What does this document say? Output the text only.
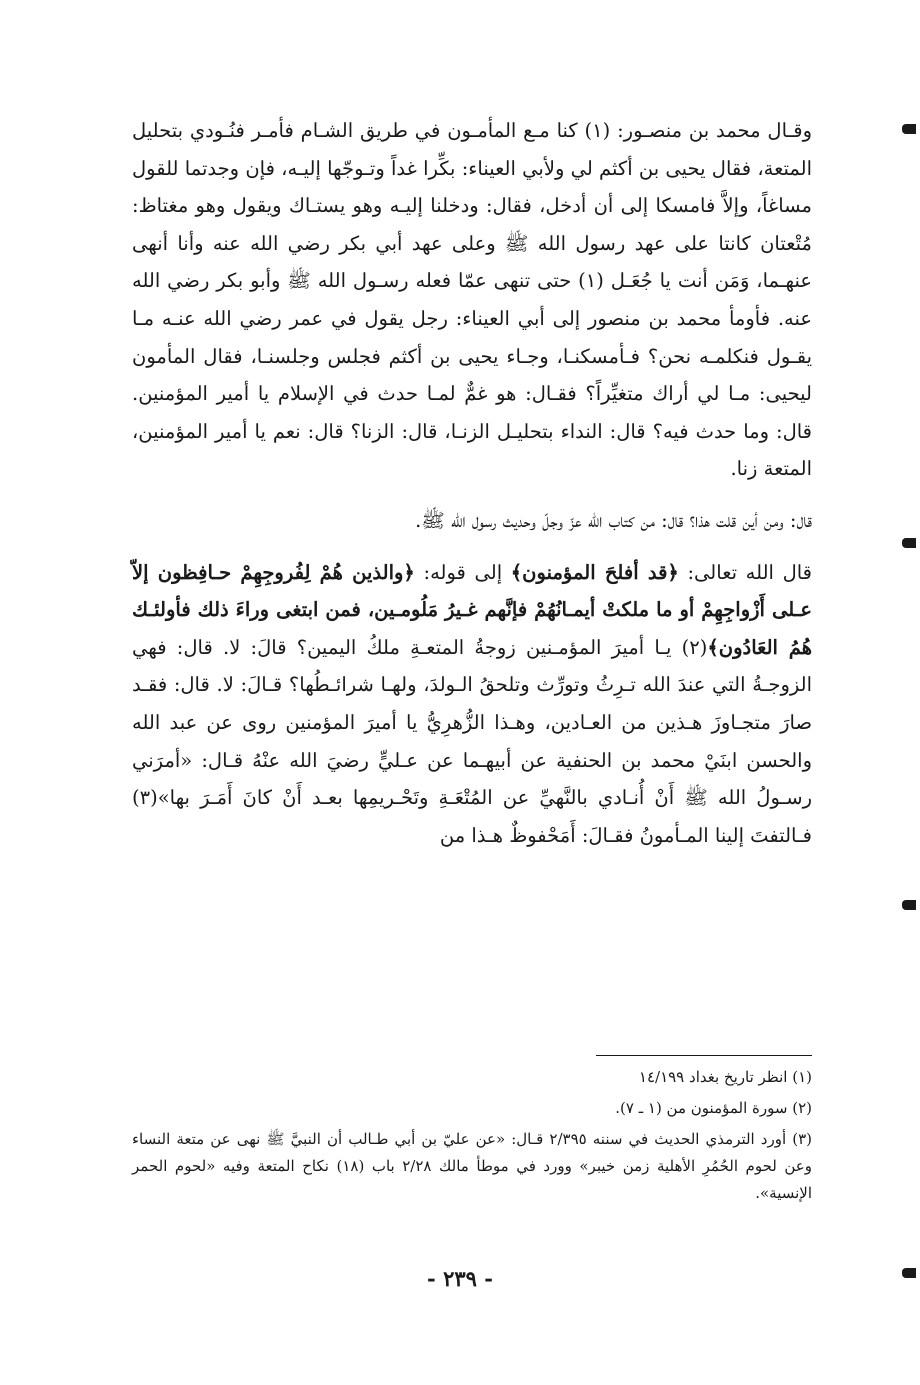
وقـال محمد بن منصـور: (١) كنا مـع المأمـون في طريق الشـام فأمـر فنُـودي بتحليل المتعة، فقال يحيى بن أكثم لي ولأبي العيناء: بكِّرا غداً وتـوجّها إليـه، فإن وجدتما للقول مساغاً، وإلاَّ فامسكا إلى أن أدخل، فقال: ودخلنا إليـه وهو يستـاك ويقول وهو مغتاظ: مُتْعتان كانتا على عهد رسول الله ﷺ وعلى عهد أبي بكر رضي الله عنه وأنا أنهى عنهـما، وَمَن أنت يا جُعَـل (١) حتى تنهى عمّا فعله رسـول الله ﷺ وأبو بكر رضي الله عنه. فأومأ محمد بن منصور إلى أبي العيناء: رجل يقول في عمر رضي الله عنـه مـا يقـول فنكلمـه نحن؟ فـأمسكنـا، وجـاء يحيى بن أكثم فجلس وجلسنـا، فقال المأمون ليحيى: مـا لي أراك متغيِّراً؟ فقـال: هو غمٌّ لمـا حدث في الإسلام يا أمير المؤمنين. قال: وما حدث فيه؟ قال: النداء بتحليـل الزنـا، قال: الزنا؟ قال: نعم يا أمير المؤمنين، المتعة زنا.

قال: ومن أين قلت هذا؟ قال: من كتاب الله عزّ وجلّ وحديث رسول الله ﷺ.

قال الله تعالى: ﴿قد أفلحَ المؤمنون﴾ إلى قوله: ﴿والذين هُمْ لِفُروجِهِمْ حـافِظون إلاّ عـلى أَزْواجِهِمْ أو ما ملكتْ أيمـانُهُمْ فإنَّهم غـيرُ مَلُومـين، فمن ابتغى وراءَ ذلك فأولئـك هُمُ العَادُون﴾(٢) يـا أميرَ المؤمـنين زوجةُ المتعـةِ ملكُ اليمين؟ قالَ: لا. قال: فهي الزوجـةُ التي عندَ الله تـرِثُ وتورِّث وتلحقُ الـولدَ، ولهـا شرائـطُها؟ قـالَ: لا. قال: فقـد صارَ متجـاوزَ هـذين من العـادين، وهـذا الزُّهرِيُّ يا أميرَ المؤمنين روى عن عبد الله والحسن ابنَيْ محمد بن الحنفية عن أبيهـما عن عـليٍّ رضيَ الله عنْهُ قـال: «أمرَني رسـولُ الله ﷺ أَنْ أُنـادي بالنَّهيِّ عن المُتْعَـةِ وتَحْـريمِها بعـد أَنْ كانَ أَمَـرَ بها»(٣) فـالتفتَ إلينا المـأمونُ فقـالَ: أَمَحْفوظٌ هـذا من

(١) انظر تاريخ بغداد ١٤/١٩٩

(٢) سورة المؤمنون من (١ ـ ٧).

(٣) أورد الترمذي الحديث في سننه ٢/٣٩٥ قـال: «عن عليّ بن أبي طـالب أن النبيَّ ﷺ نهى عن متعة النساء وعن لحوم الحُمُرِ الأهلية زمن خيبر» وورد في موطأ مالك ٢/٢٨ باب (١٨) نكاح المتعة وفيه «لحوم الحمر الإنسية».

- ٢٣٩ -
